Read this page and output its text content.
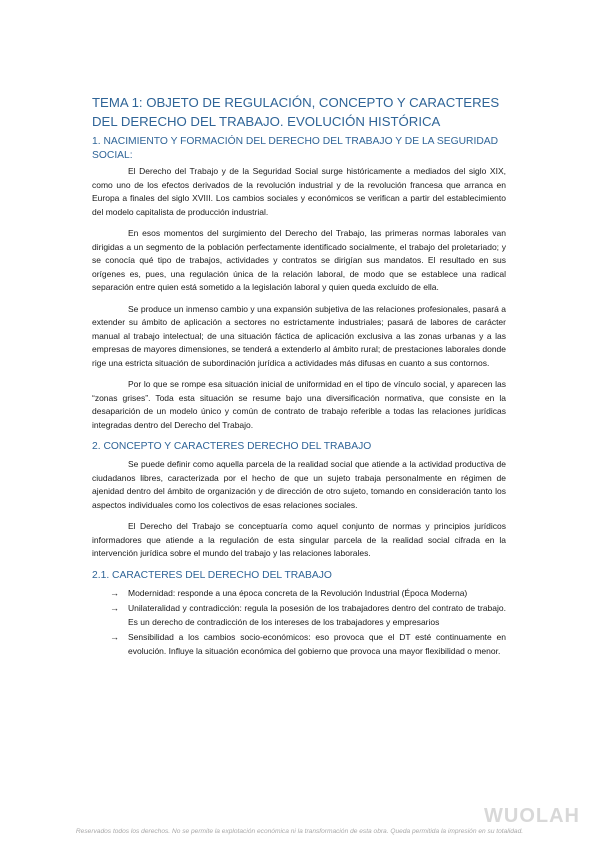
TEMA 1: OBJETO DE REGULACIÓN, CONCEPTO Y CARACTERES DEL DERECHO DEL TRABAJO. EVOLUCIÓN HISTÓRICA
1. NACIMIENTO Y FORMACIÓN DEL DERECHO DEL TRABAJO Y DE LA SEGURIDAD SOCIAL:

El Derecho del Trabajo y de la Seguridad Social surge históricamente a mediados del siglo XIX, como uno de los efectos derivados de la revolución industrial y de la revolución francesa que arranca en Europa a finales del siglo XVIII. Los cambios sociales y económicos se verifican a partir del establecimiento del modelo capitalista de producción industrial.

En esos momentos del surgimiento del Derecho del Trabajo, las primeras normas laborales van dirigidas a un segmento de la población perfectamente identificado socialmente, el trabajo del proletariado; y se conocía qué tipo de trabajos, actividades y contratos se dirigían sus mandatos. El resultado en sus orígenes es, pues, una regulación única de la relación laboral, de modo que se establece una radical separación entre quien está sometido a la legislación laboral y quien queda excluido de ella.

Se produce un inmenso cambio y una expansión subjetiva de las relaciones profesionales, pasará a extender su ámbito de aplicación a sectores no estrictamente industriales; pasará de labores de carácter manual al trabajo intelectual; de una situación fáctica de aplicación exclusiva a las zonas urbanas y a las empresas de mayores dimensiones, se tenderá a extenderlo al ámbito rural; de prestaciones laborales donde rige una estricta situación de subordinación jurídica a actividades más difusas en cuanto a sus contornos.

Por lo que se rompe esa situación inicial de uniformidad en el tipo de vínculo social, y aparecen las “zonas grises”. Toda esta situación se resume bajo una diversificación normativa, que consiste en la desaparición de un modelo único y común de contrato de trabajo referible a todas las relaciones jurídicas integradas dentro del Derecho del Trabajo.

2. CONCEPTO Y CARACTERES DERECHO DEL TRABAJO

Se puede definir como aquella parcela de la realidad social que atiende a la actividad productiva de ciudadanos libres, caracterizada por el hecho de que un sujeto trabaja personalmente en régimen de ajenidad dentro del ámbito de organización y de dirección de otro sujeto, tomando en consideración tanto los aspectos individuales como los colectivos de esas relaciones sociales.

El Derecho del Trabajo se conceptuaría como aquel conjunto de normas y principios jurídicos informadores que atiende a la regulación de esta singular parcela de la realidad social cifrada en la intervención jurídica sobre el mundo del trabajo y las relaciones laborales.

2.1. CARACTERES DEL DERECHO DEL TRABAJO
→ Modernidad: responde a una época concreta de la Revolución Industrial (Época Moderna)
→ Unilateralidad y contradicción: regula la posesión de los trabajadores dentro del contrato de trabajo. Es un derecho de contradicción de los intereses de los trabajadores y empresarios
→ Sensibilidad a los cambios socio-económicos: eso provoca que el DT esté continuamente en evolución. Influye la situación económica del gobierno que provoca una mayor flexibilidad o menor.
WUOLAH
Reservados todos los derechos. No se permite la explotación económica ni la transformación de esta obra. Queda permitida la impresión en su totalidad.
